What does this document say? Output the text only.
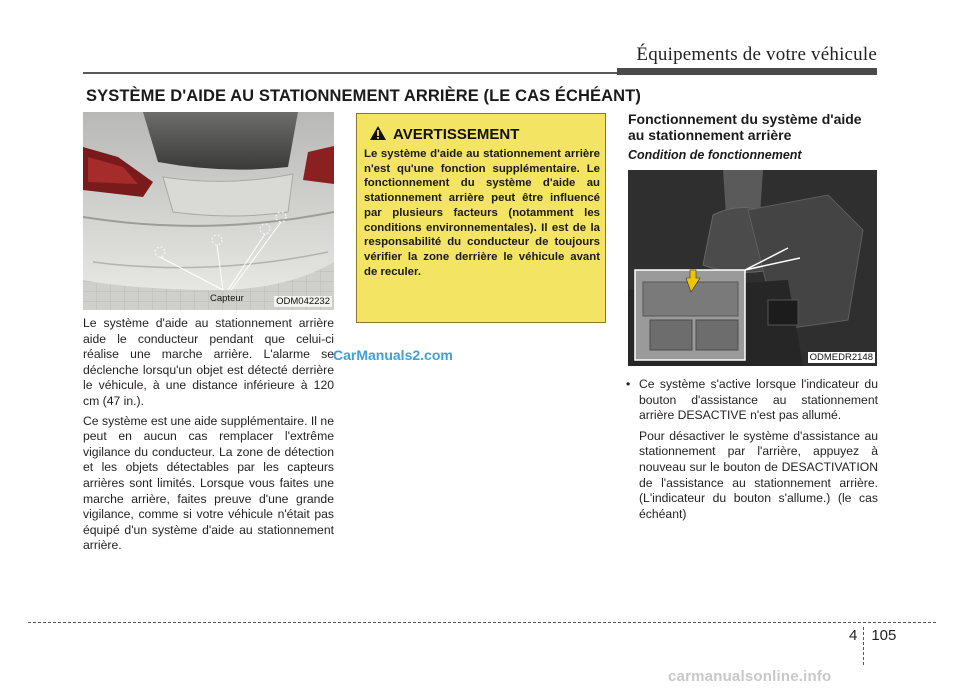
Équipements de votre véhicule
SYSTÈME D'AIDE AU STATIONNEMENT ARRIÈRE (LE CAS ÉCHÉANT)
Capteur	ODM042232

Le système d'aide au stationnement arrière aide le conducteur pendant que celui-ci réalise une marche arrière. L'alarme se déclenche lorsqu'un objet est détecté derrière le véhicule, à une distance inférieure à 120 cm (47 in.).

Ce système est une aide supplémentaire. Il ne peut en aucun cas remplacer l'extrême vigilance du conducteur. La zone de détection et les objets détectables par les capteurs arrières sont limités. Lorsque vous faites une marche arrière, faites preuve d'une grande vigilance, comme si votre véhicule n'était pas équipé d'un système d'aide au stationnement arrière.

CarManuals2.com
AVERTISSEMENT
Le système d'aide au stationnement arrière n'est qu'une fonction supplémentaire. Le fonctionnement du système d'aide au stationnement arrière peut être influencé par plusieurs facteurs (notamment les conditions environnementales). Il est de la responsabilité du conducteur de toujours vérifier la zone derrière le véhicule avant de reculer.
Fonctionnement du système d'aide au stationnement arrière
Condition de fonctionnement
ODMEDR2148
• Ce système s'active lorsque l'indicateur du bouton d'assistance au stationnement arrière DESACTIVE n'est pas allumé.
Pour désactiver le système d'assistance au stationnement par l'arrière, appuyez à nouveau sur le bouton de DESACTIVATION de l'assistance au stationnement arrière. (L'indicateur du bouton s'allume.) (le cas échéant)
4 105
carmanualsonline.info
